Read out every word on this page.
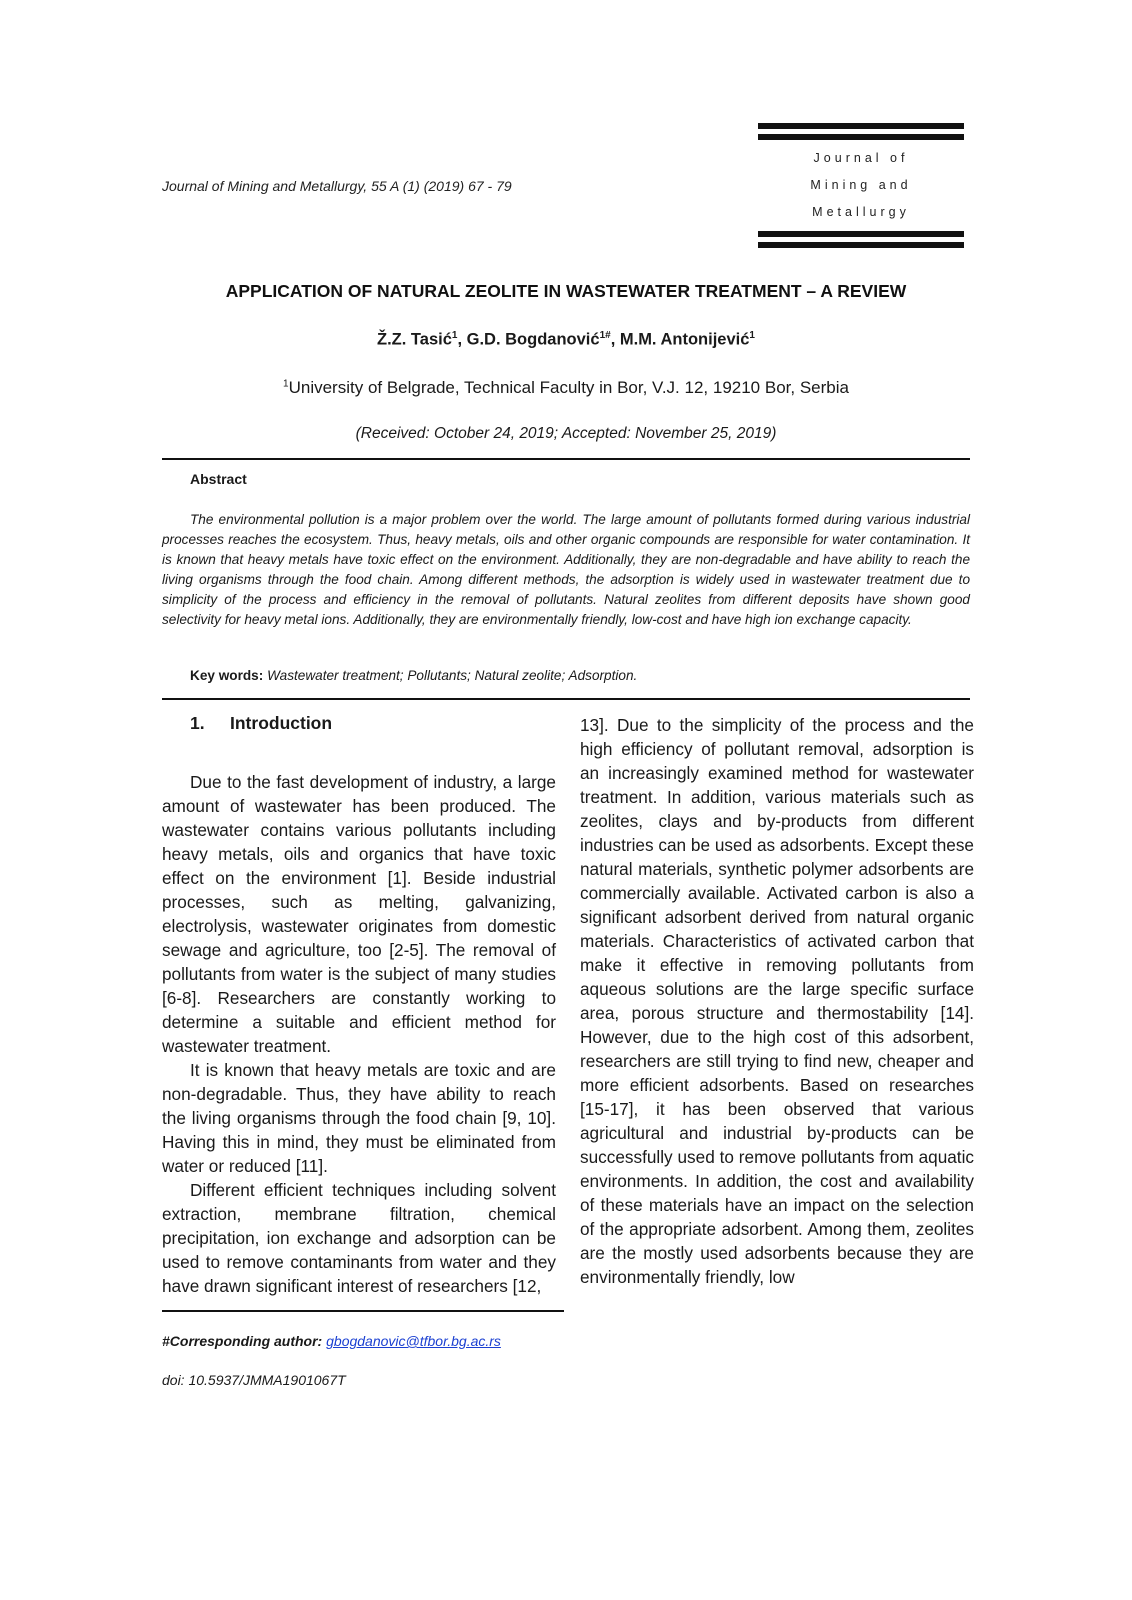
Journal of Mining and Metallurgy, 55 A (1) (2019) 67 - 79
Journal of
Mining and
Metallurgy
APPLICATION OF NATURAL ZEOLITE IN WASTEWATER TREATMENT – A REVIEW
Ž.Z. Tasić$^1$, G.D. Bogdanović$^{1\#}$, M.M. Antonijević$^1$
$^1$University of Belgrade, Technical Faculty in Bor, V.J. 12, 19210 Bor, Serbia
(Received: October 24, 2019; Accepted: November 25, 2019)
Abstract
The environmental pollution is a major problem over the world. The large amount of pollutants formed during various industrial processes reaches the ecosystem. Thus, heavy metals, oils and other organic compounds are responsible for water contamination. It is known that heavy metals have toxic effect on the environment. Additionally, they are non-degradable and have ability to reach the living organisms through the food chain. Among different methods, the adsorption is widely used in wastewater treatment due to simplicity of the process and efficiency in the removal of pollutants. Natural zeolites from different deposits have shown good selectivity for heavy metal ions. Additionally, they are environmentally friendly, low-cost and have high ion exchange capacity.
Key words: Wastewater treatment; Pollutants; Natural zeolite; Adsorption.
1. Introduction

Due to the fast development of industry, a large amount of wastewater has been produced. The wastewater contains various pollutants including heavy metals, oils and organics that have toxic effect on the environment [1]. Beside industrial processes, such as melting, galvanizing, electrolysis, wastewater originates from domestic sewage and agriculture, too [2-5]. The removal of pollutants from water is the subject of many studies [6-8]. Researchers are constantly working to determine a suitable and efficient method for wastewater treatment.

It is known that heavy metals are toxic and are non-degradable. Thus, they have ability to reach the living organisms through the food chain [9, 10]. Having this in mind, they must be eliminated from water or reduced [11].

Different efficient techniques including solvent extraction, membrane filtration, chemical precipitation, ion exchange and adsorption can be used to remove contaminants from water and they have drawn significant interest of researchers [12,

13]. Due to the simplicity of the process and the high efficiency of pollutant removal, adsorption is an increasingly examined method for wastewater treatment. In addition, various materials such as zeolites, clays and by-products from different industries can be used as adsorbents. Except these natural materials, synthetic polymer adsorbents are commercially available. Activated carbon is also a significant adsorbent derived from natural organic materials. Characteristics of activated carbon that make it effective in removing pollutants from aqueous solutions are the large specific surface area, porous structure and thermostability [14]. However, due to the high cost of this adsorbent, researchers are still trying to find new, cheaper and more efficient adsorbents. Based on researches [15-17], it has been observed that various agricultural and industrial by-products can be successfully used to remove pollutants from aquatic environments. In addition, the cost and availability of these materials have an impact on the selection of the appropriate adsorbent. Among them, zeolites are the mostly used adsorbents because they are environmentally friendly, low

#Corresponding author: gbogdanovic@tfbor.bg.ac.rs
doi: 10.5937/JMMA1901067T
